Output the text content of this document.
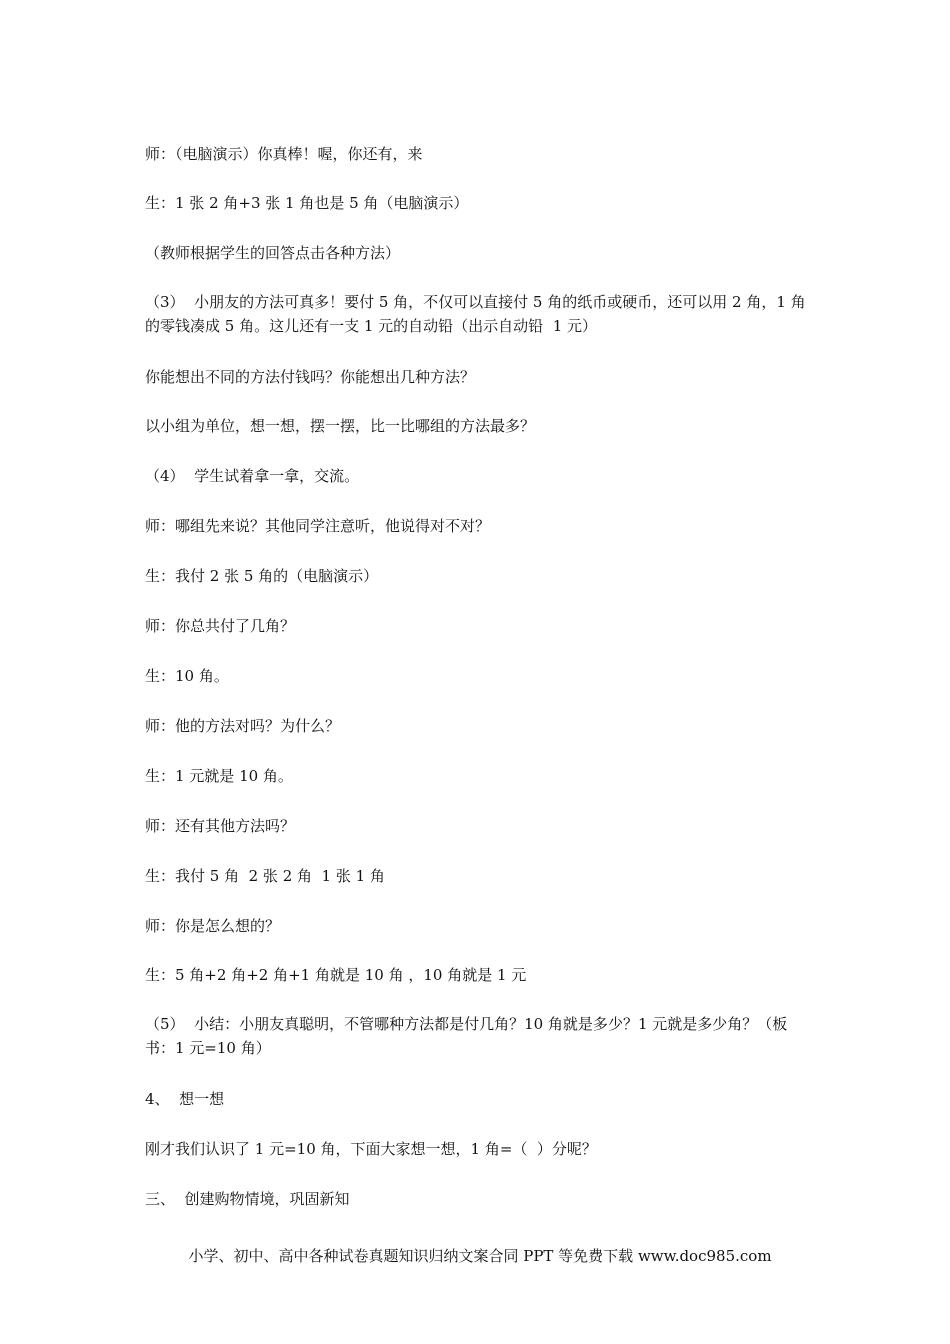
师：（电脑演示）你真棒！喔，你还有，来
生：1 张 2 角+3 张 1 角也是 5 角（电脑演示）
（教师根据学生的回答点击各种方法）
（3）  小朋友的方法可真多！要付 5 角，不仅可以直接付 5 角的纸币或硬币，还可以用 2 角，1 角的零钱凑成 5 角。这儿还有一支 1 元的自动铅（出示自动铅  1 元）
你能想出不同的方法付钱吗？你能想出几种方法？
以小组为单位，想一想，摆一摆，比一比哪组的方法最多？
（4）  学生试着拿一拿，交流。
师：哪组先来说？其他同学注意听，他说得对不对？
生：我付 2 张 5 角的（电脑演示）
师：你总共付了几角？
生：10 角。
师：他的方法对吗？为什么？
生：1 元就是 10 角。
师：还有其他方法吗？
生：我付 5 角  2 张 2 角  1 张 1 角
师：你是怎么想的？
生：5 角+2 角+2 角+1 角就是 10 角 ，10 角就是 1 元
（5）  小结：小朋友真聪明，不管哪种方法都是付几角？10 角就是多少？1 元就是多少角？（板书：1 元=10 角）
4、  想一想
刚才我们认识了 1 元=10 角，下面大家想一想，1 角=（  ）分呢？
三、  创建购物情境，巩固新知
小学、初中、高中各种试卷真题知识归纳文案合同 PPT 等免费下载 www.doc985.com
